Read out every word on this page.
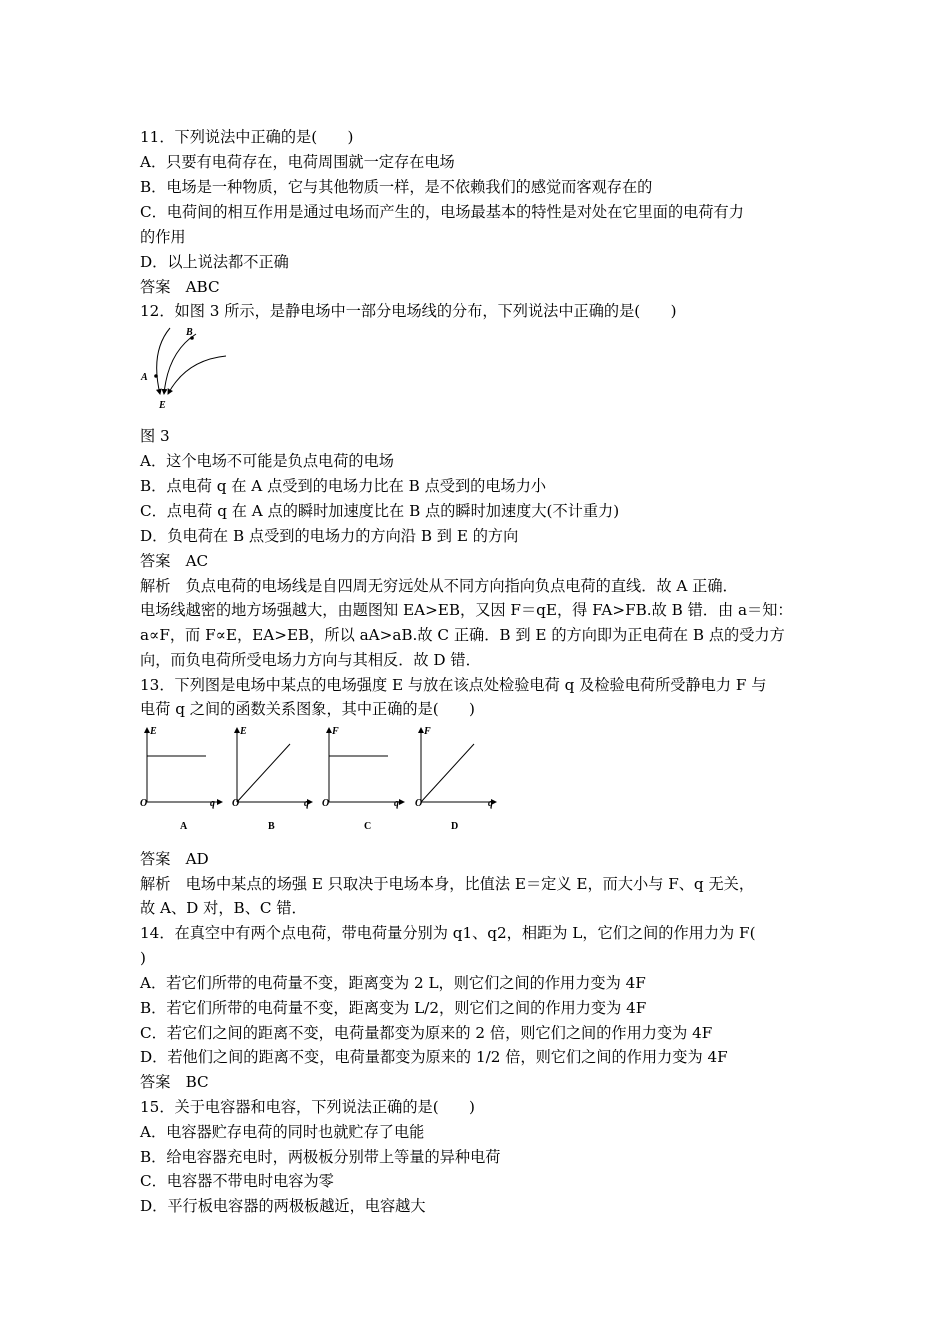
11．下列说法中正确的是(　　)
A．只要有电荷存在，电荷周围就一定存在电场
B．电场是一种物质，它与其他物质一样，是不依赖我们的感觉而客观存在的
C．电荷间的相互作用是通过电场而产生的，电场最基本的特性是对处在它里面的电荷有力
的作用
D．以上说法都不正确
答案　ABC
12．如图 3 所示，是静电场中一部分电场线的分布，下列说法中正确的是(　　)
B
A
E
图 3
A．这个电场不可能是负点电荷的电场
B．点电荷 q 在 A 点受到的电场力比在 B 点受到的电场力小
C．点电荷 q 在 A 点的瞬时加速度比在 B 点的瞬时加速度大(不计重力)
D．负电荷在 B 点受到的电场力的方向沿 B 到 E 的方向
答案　AC
解析　负点电荷的电场线是自四周无穷远处从不同方向指向负点电荷的直线．故 A 正确．
电场线越密的地方场强越大，由题图知 EA>EB，又因 F＝qE，得 FA>FB.故 B 错．由 a＝知：
a∝F，而 F∝E，EA>EB，所以 aA>aB.故 C 正确．B 到 E 的方向即为正电荷在 B 点的受力方
向，而负电荷所受电场力方向与其相反．故 D 错．
13．下列图是电场中某点的电场强度 E 与放在该点处检验电荷 q 及检验电荷所受静电力 F 与
电荷 q 之间的函数关系图象，其中正确的是(　　)
E
O	q
A
E
O	q
B
F
O	q
C
F
O	q
D
答案　AD
解析　电场中某点的场强 E 只取决于电场本身，比值法 E＝定义 E，而大小与 F、q 无关，
故 A、D 对，B、C 错．
14．在真空中有两个点电荷，带电荷量分别为 q1、q2，相距为 L，它们之间的作用力为 F(
)
A．若它们所带的电荷量不变，距离变为 2 L，则它们之间的作用力变为 4F
B．若它们所带的电荷量不变，距离变为 L/2，则它们之间的作用力变为 4F
C．若它们之间的距离不变，电荷量都变为原来的 2 倍，则它们之间的作用力变为 4F
D．若他们之间的距离不变，电荷量都变为原来的 1/2 倍，则它们之间的作用力变为 4F
答案　BC
15．关于电容器和电容，下列说法正确的是(　　)
A．电容器贮存电荷的同时也就贮存了电能
B．给电容器充电时，两极板分别带上等量的异种电荷
C．电容器不带电时电容为零
D．平行板电容器的两极板越近，电容越大
